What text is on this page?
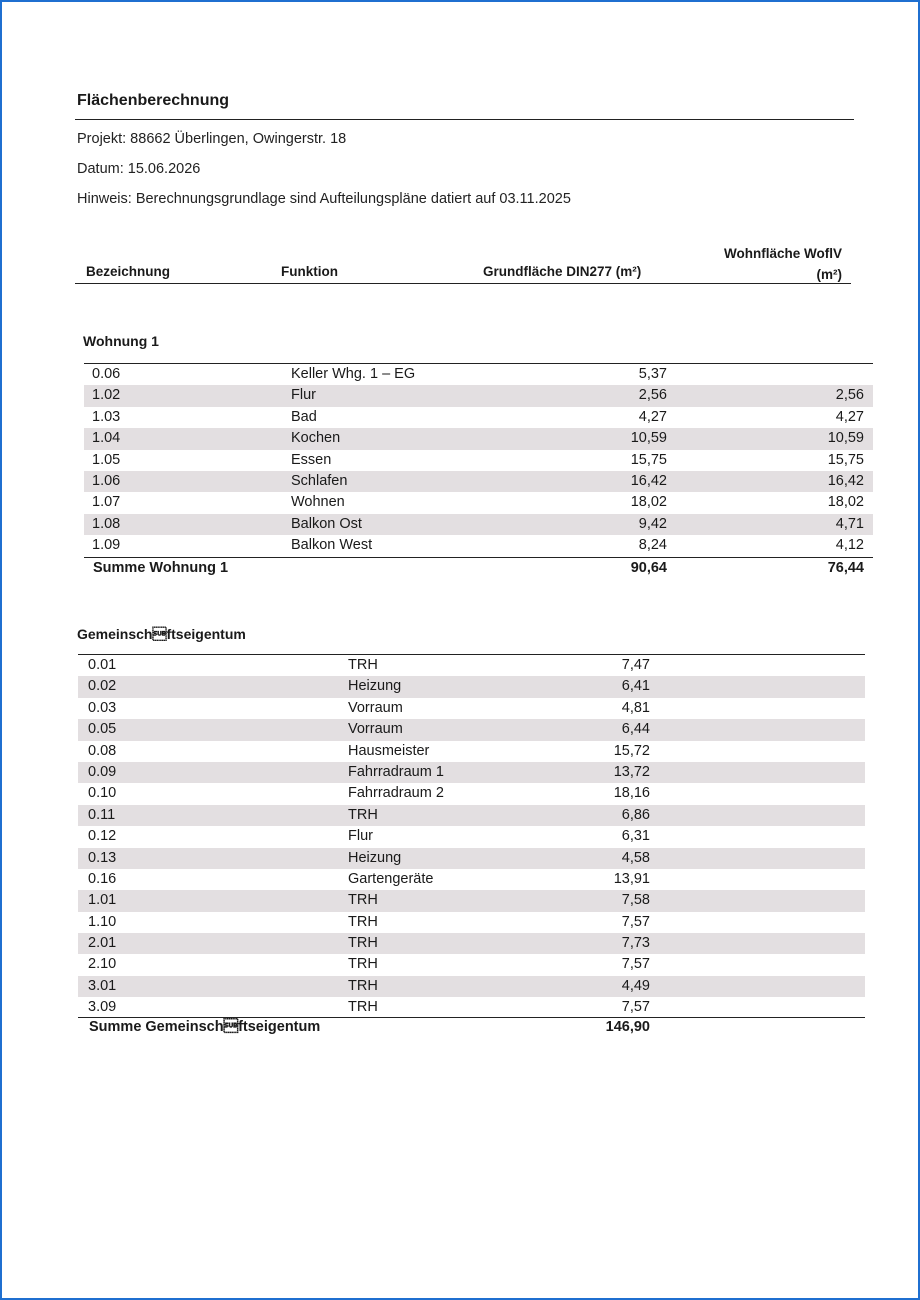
Flächenberechnung
Projekt: 88662 Überlingen, Owingerstr. 18
Datum: 15.06.2026
Hinweis: Berechnungsgrundlage sind Aufteilungspläne datiert auf 03.11.2025
Bezeichnung	Funktion	Grundfläche DIN277 (m²)
Wohnfläche WoflV
(m²)
Wohnung 1
0.06	Keller Whg. 1 – EG	5,37
1.02	Flur	2,56	2,56
1.03	Bad	4,27	4,27
1.04	Kochen	10,59	10,59
1.05	Essen	15,75	15,75
1.06	Schlafen	16,42	16,42
1.07	Wohnen	18,02	18,02
1.08	Balkon Ost	9,42	4,71
1.09	Balkon West	8,24	4,12
Summe Wohnung 1	90,64	76,44
Gemeinschftseigentum
0.01	TRH	7,47
0.02	Heizung	6,41
0.03	Vorraum	4,81
0.05	Vorraum	6,44
0.08	Hausmeister	15,72
0.09	Fahrradraum 1	13,72
0.10	Fahrradraum 2	18,16
0.11	TRH	6,86
0.12	Flur	6,31
0.13	Heizung	4,58
0.16	Gartengeräte	13,91
1.01	TRH	7,58
1.10	TRH	7,57
2.01	TRH	7,73
2.10	TRH	7,57
3.01	TRH	4,49
3.09	TRH	7,57
Summe Gemeinschftseigentum	146,90
